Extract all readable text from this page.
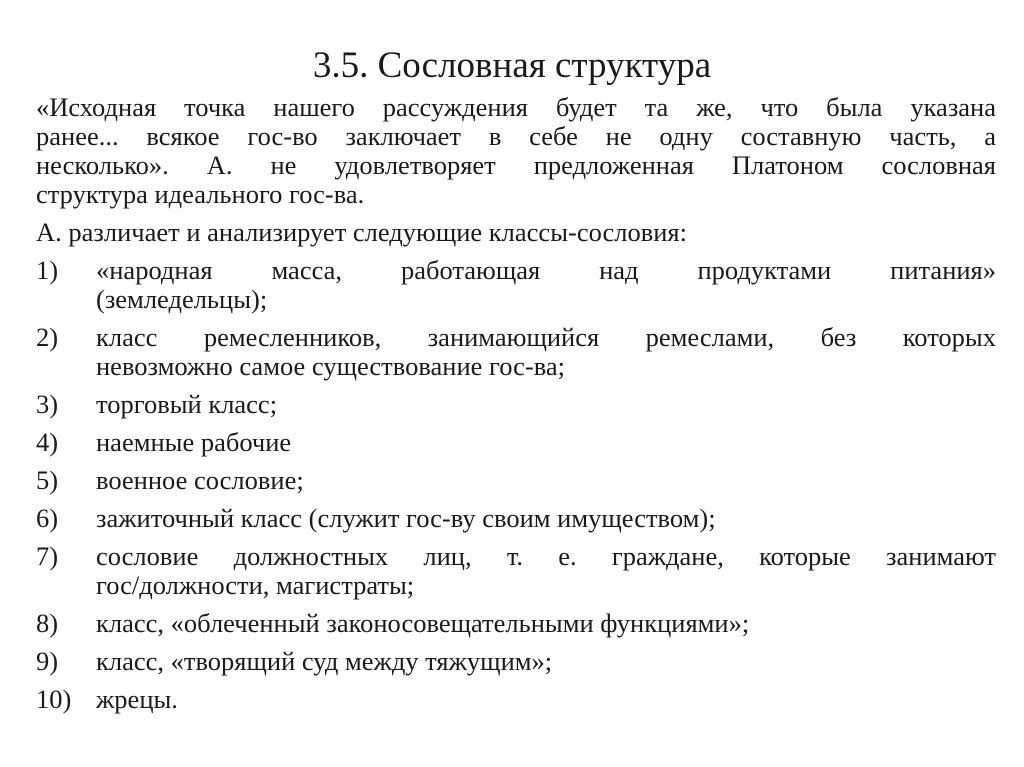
3.5. Сословная структура
«Исходная точка нашего рассуждения будет та же, что была указана
ранее... всякое гос-во заключает в себе не одну составную часть, а
несколько». А. не удовлетворяет предложенная Платоном сословная
структура идеального гос-ва.
А. различает и анализирует следующие классы-сословия:
1)	«народная масса, работающая над продуктами питания»
(земледельцы);
2)	класс ремесленников, занимающийся ремеслами, без которых
невозможно самое существование гос-ва;
3)	торговый класс;
4)	наемные рабочие
5)	военное сословие;
6)	зажиточный класс (служит гос-ву своим имуществом);
7)	сословие должностных лиц, т. е. граждане, которые занимают
гос/должности, магистраты;
8)	класс, «облеченный законосовещательными функциями»;
9)	класс, «творящий суд между тяжущим»;
10) жрецы.
